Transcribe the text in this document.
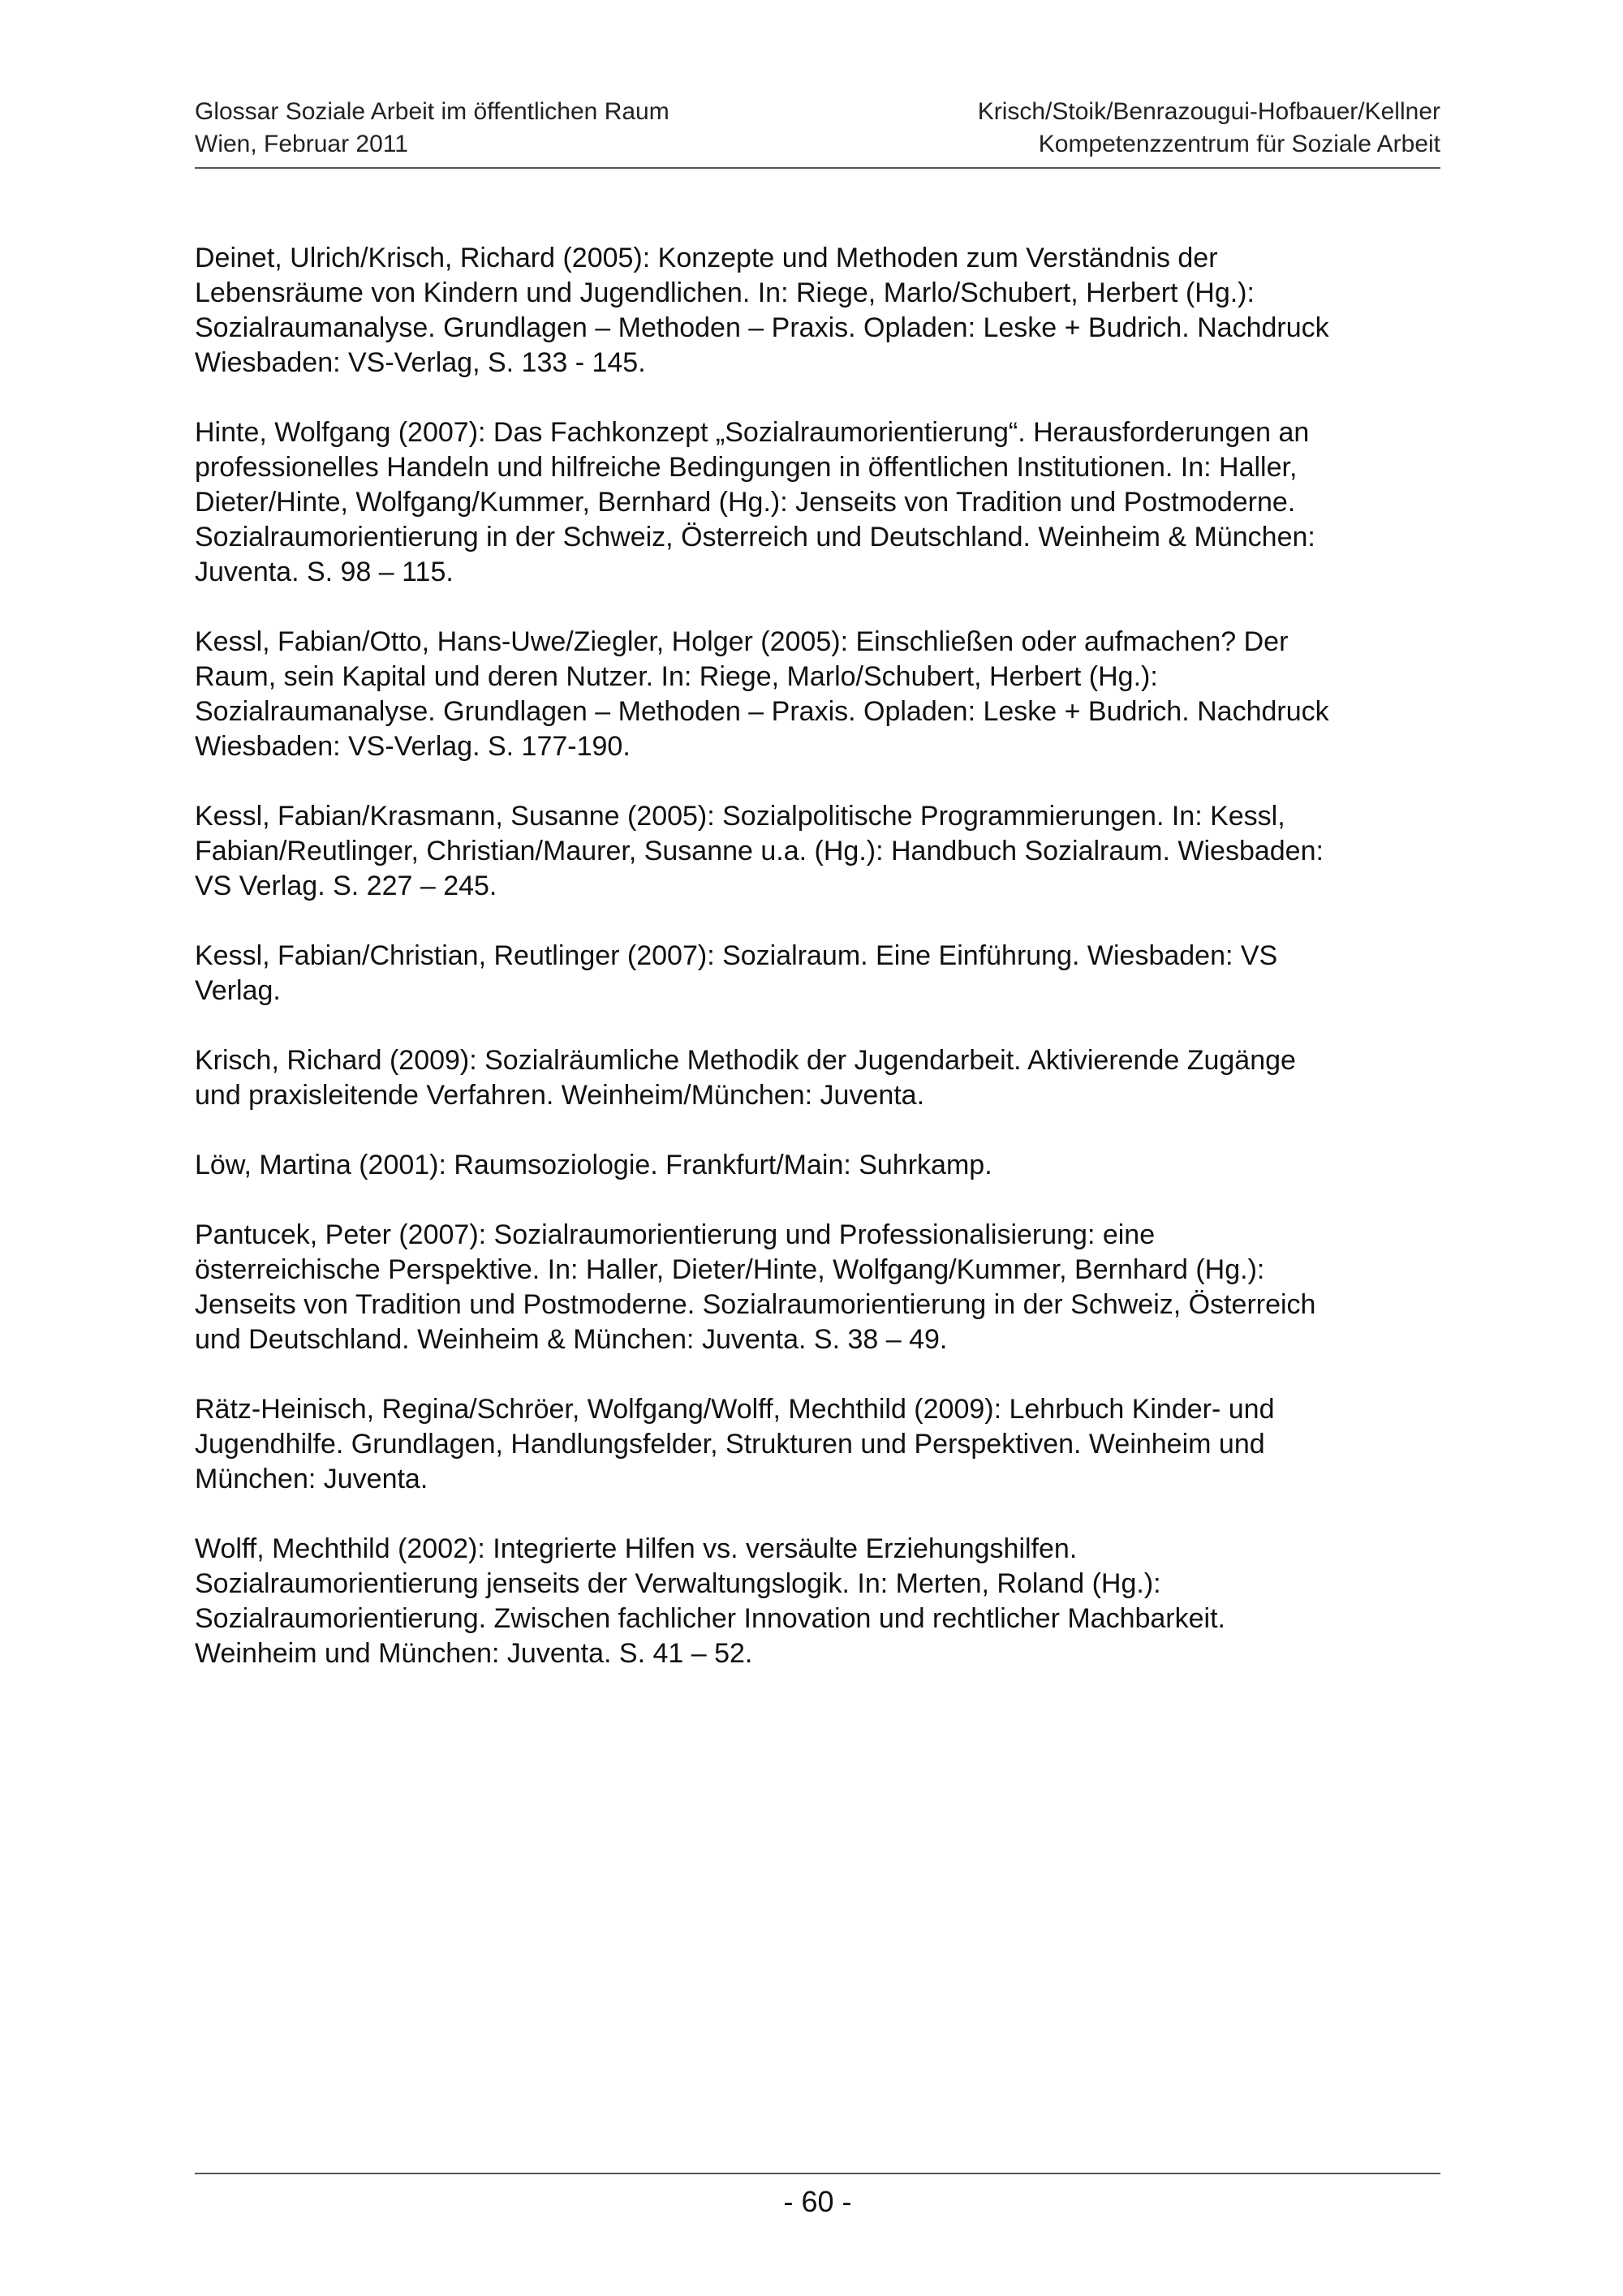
Glossar Soziale Arbeit im öffentlichen Raum
Wien, Februar 2011
Krisch/Stoik/Benrazougui-Hofbauer/Kellner
Kompetenzzentrum für Soziale Arbeit

Deinet, Ulrich/Krisch, Richard (2005): Konzepte und Methoden zum Verständnis der
Lebensräume von Kindern und Jugendlichen. In: Riege, Marlo/Schubert, Herbert (Hg.):
Sozialraumanalyse. Grundlagen – Methoden – Praxis. Opladen: Leske + Budrich. Nachdruck
Wiesbaden: VS-Verlag, S. 133 - 145.

Hinte, Wolfgang (2007): Das Fachkonzept „Sozialraumorientierung“. Herausforderungen an
professionelles Handeln und hilfreiche Bedingungen in öffentlichen Institutionen. In: Haller,
Dieter/Hinte, Wolfgang/Kummer, Bernhard (Hg.): Jenseits von Tradition und Postmoderne.
Sozialraumorientierung in der Schweiz, Österreich und Deutschland. Weinheim & München:
Juventa. S. 98 – 115.

Kessl, Fabian/Otto, Hans-Uwe/Ziegler, Holger (2005): Einschließen oder aufmachen? Der
Raum, sein Kapital und deren Nutzer. In: Riege, Marlo/Schubert, Herbert (Hg.):
Sozialraumanalyse. Grundlagen – Methoden – Praxis. Opladen: Leske + Budrich. Nachdruck
Wiesbaden: VS-Verlag. S. 177-190.

Kessl, Fabian/Krasmann, Susanne (2005): Sozialpolitische Programmierungen. In: Kessl,
Fabian/Reutlinger, Christian/Maurer, Susanne u.a. (Hg.): Handbuch Sozialraum. Wiesbaden:
VS Verlag. S. 227 – 245.

Kessl, Fabian/Christian, Reutlinger (2007): Sozialraum. Eine Einführung. Wiesbaden: VS
Verlag.

Krisch, Richard (2009): Sozialräumliche Methodik der Jugendarbeit. Aktivierende Zugänge
und praxisleitende Verfahren. Weinheim/München: Juventa.

Löw, Martina (2001): Raumsoziologie. Frankfurt/Main: Suhrkamp.

Pantucek, Peter (2007): Sozialraumorientierung und Professionalisierung: eine
österreichische Perspektive. In: Haller, Dieter/Hinte, Wolfgang/Kummer, Bernhard (Hg.):
Jenseits von Tradition und Postmoderne. Sozialraumorientierung in der Schweiz, Österreich
und Deutschland. Weinheim & München: Juventa. S. 38 – 49.

Rätz-Heinisch, Regina/Schröer, Wolfgang/Wolff, Mechthild (2009): Lehrbuch Kinder- und
Jugendhilfe. Grundlagen, Handlungsfelder, Strukturen und Perspektiven. Weinheim und
München: Juventa.

Wolff, Mechthild (2002): Integrierte Hilfen vs. versäulte Erziehungshilfen.
Sozialraumorientierung jenseits der Verwaltungslogik. In: Merten, Roland (Hg.):
Sozialraumorientierung. Zwischen fachlicher Innovation und rechtlicher Machbarkeit.
Weinheim und München: Juventa. S. 41 – 52.

- 60 -
